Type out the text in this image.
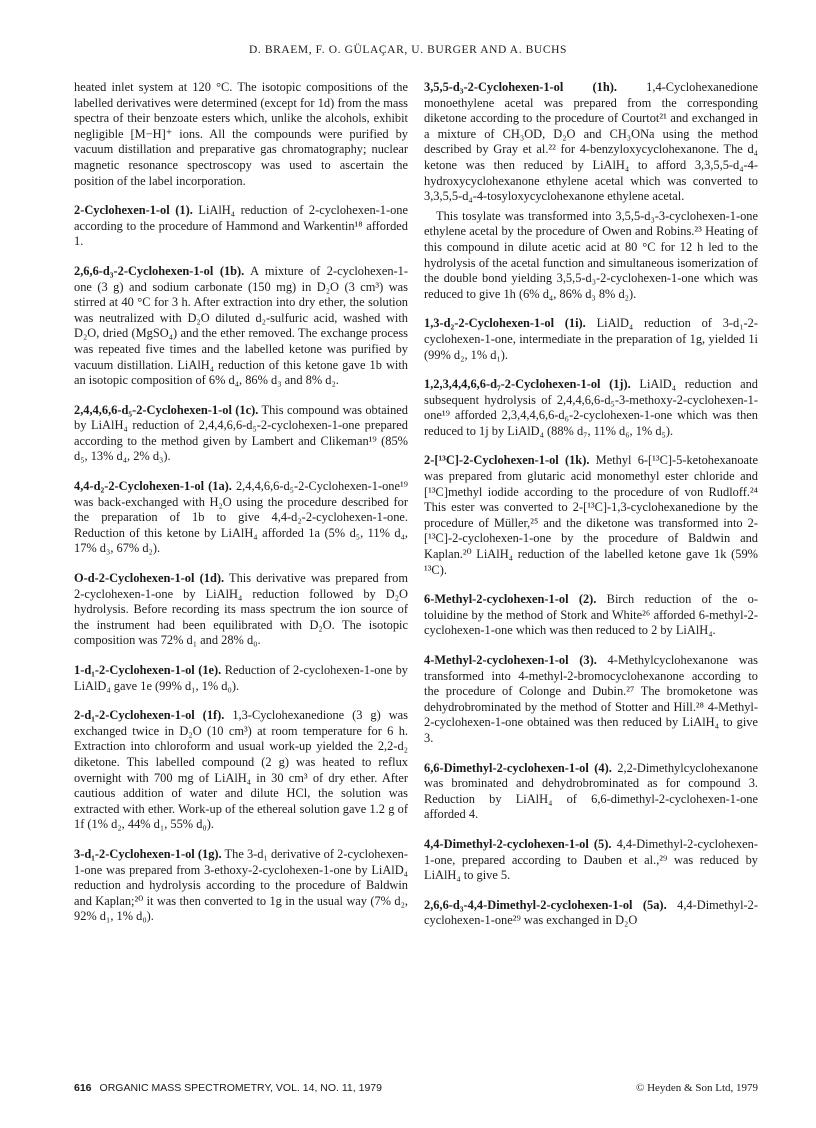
D. BRAEM, F. O. GÜLAÇAR, U. BURGER AND A. BUCHS

heated inlet system at 120 °C. The isotopic compositions of the labelled derivatives were determined (except for 1d) from the mass spectra of their benzoate esters which, unlike the alcohols, exhibit negligible [M−H]⁺ ions. All the compounds were purified by vacuum distillation and preparative gas chromatography; nuclear magnetic resonance spectroscopy was used to ascertain the position of the label incorporation.

2-Cyclohexen-1-ol (1). LiAlH₄ reduction of 2-cyclohexen-1-one according to the procedure of Hammond and Warkentin¹⁸ afforded 1.

2,6,6-d₃-2-Cyclohexen-1-ol (1b). A mixture of 2-cyclohexen-1-one (3 g) and sodium carbonate (150 mg) in D₂O (3 cm³) was stirred at 40 °C for 3 h. After extraction into dry ether, the solution was neutralized with D₂O diluted d₂-sulfuric acid, washed with D₂O, dried (MgSO₄) and the ether removed. The exchange process was repeated five times and the labelled ketone was purified by vacuum distillation. LiAlH₄ reduction of this ketone gave 1b with an isotopic composition of 6% d₄, 86% d₃ and 8% d₂.

2,4,4,6,6-d₅-2-Cyclohexen-1-ol (1c). This compound was obtained by LiAlH₄ reduction of 2,4,4,6,6-d₅-2-cyclohexen-1-one prepared according to the method given by Lambert and Clikeman¹⁹ (85% d₅, 13% d₄, 2% d₃).

4,4-d₂-2-Cyclohexen-1-ol (1a). 2,4,4,6,6-d₅-2-Cyclohexen-1-one¹⁹ was back-exchanged with H₂O using the procedure described for the preparation of 1b to give 4,4-d₂-2-cyclohexen-1-one. Reduction of this ketone by LiAlH₄ afforded 1a (5% d₅, 11% d₄, 17% d₃, 67% d₂).

O-d-2-Cyclohexen-1-ol (1d). This derivative was prepared from 2-cyclohexen-1-one by LiAlH₄ reduction followed by D₂O hydrolysis. Before recording its mass spectrum the ion source of the instrument had been equilibrated with D₂O. The isotopic composition was 72% d₁ and 28% d₀.

1-d₁-2-Cyclohexen-1-ol (1e). Reduction of 2-cyclohexen-1-one by LiAlD₄ gave 1e (99% d₁, 1% d₀).

2-d₁-2-Cyclohexen-1-ol (1f). 1,3-Cyclohexanedione (3 g) was exchanged twice in D₂O (10 cm³) at room temperature for 6 h. Extraction into chloroform and usual work-up yielded the 2,2-d₂ diketone. This labelled compound (2 g) was heated to reflux overnight with 700 mg of LiAlH₄ in 30 cm³ of dry ether. After cautious addition of water and dilute HCl, the solution was extracted with ether. Work-up of the ethereal solution gave 1.2 g of 1f (1% d₂, 44% d₁, 55% d₀).

3-d₁-2-Cyclohexen-1-ol (1g). The 3-d₁ derivative of 2-cyclohexen-1-one was prepared from 3-ethoxy-2-cyclohexen-1-one by LiAlD₄ reduction and hydrolysis according to the procedure of Baldwin and Kaplan;²⁰ it was then converted to 1g in the usual way (7% d₂, 92% d₁, 1% d₀).

3,5,5-d₃-2-Cyclohexen-1-ol (1h). 1,4-Cyclohexanedione monoethylene acetal was prepared from the corresponding diketone according to the procedure of Courtot²¹ and exchanged in a mixture of CH₃OD, D₂O and CH₃ONa using the method described by Gray et al.²² for 4-benzyloxycyclohexanone. The d₄ ketone was then reduced by LiAlH₄ to afford 3,3,5,5-d₄-4-hydroxycyclohexanone ethylene acetal which was converted to 3,3,5,5-d₄-4-tosyloxycyclohexanone ethylene acetal.

This tosylate was transformed into 3,5,5-d₃-3-cyclohexen-1-one ethylene acetal by the procedure of Owen and Robins.²³ Heating of this compound in dilute acetic acid at 80 °C for 12 h led to the hydrolysis of the acetal function and simultaneous isomerization of the double bond yielding 3,5,5-d₃-2-cyclohexen-1-one which was reduced to give 1h (6% d₄, 86% d₃ 8% d₂).

1,3-d₂-2-Cyclohexen-1-ol (1i). LiAlD₄ reduction of 3-d₁-2-cyclohexen-1-one, intermediate in the preparation of 1g, yielded 1i (99% d₂, 1% d₁).

1,2,3,4,4,6,6-d₇-2-Cyclohexen-1-ol (1j). LiAlD₄ reduction and subsequent hydrolysis of 2,4,4,6,6-d₅-3-methoxy-2-cyclohexen-1-one¹⁹ afforded 2,3,4,4,6,6-d₆-2-cyclohexen-1-one which was then reduced to 1j by LiAlD₄ (88% d₇, 11% d₆, 1% d₅).

2-[¹³C]-2-Cyclohexen-1-ol (1k). Methyl 6-[¹³C]-5-ketohexanoate was prepared from glutaric acid monomethyl ester chloride and [¹³C]methyl iodide according to the procedure of von Rudloff.²⁴ This ester was converted to 2-[¹³C]-1,3-cyclohexanedione by the procedure of Müller,²⁵ and the diketone was transformed into 2-[¹³C]-2-cyclohexen-1-one by the procedure of Baldwin and Kaplan.²⁰ LiAlH₄ reduction of the labelled ketone gave 1k (59% ¹³C).

6-Methyl-2-cyclohexen-1-ol (2). Birch reduction of the o-toluidine by the method of Stork and White²⁶ afforded 6-methyl-2-cyclohexen-1-one which was then reduced to 2 by LiAlH₄.

4-Methyl-2-cyclohexen-1-ol (3). 4-Methylcyclohexanone was transformed into 4-methyl-2-bromocyclohexanone according to the procedure of Colonge and Dubin.²⁷ The bromoketone was dehydrobrominated by the method of Stotter and Hill.²⁸ 4-Methyl-2-cyclohexen-1-one obtained was then reduced by LiAlH₄ to give 3.

6,6-Dimethyl-2-cyclohexen-1-ol (4). 2,2-Dimethylcyclohexanone was brominated and dehydrobrominated as for compound 3. Reduction by LiAlH₄ of 6,6-dimethyl-2-cyclohexen-1-one afforded 4.

4,4-Dimethyl-2-cyclohexen-1-ol (5). 4,4-Dimethyl-2-cyclohexen-1-one, prepared according to Dauben et al.,²⁹ was reduced by LiAlH₄ to give 5.

2,6,6-d₃-4,4-Dimethyl-2-cyclohexen-1-ol (5a). 4,4-Dimethyl-2-cyclohexen-1-one²⁹ was exchanged in D₂O

616 ORGANIC MASS SPECTROMETRY, VOL. 14, NO. 11, 1979	© Heyden & Son Ltd, 1979
